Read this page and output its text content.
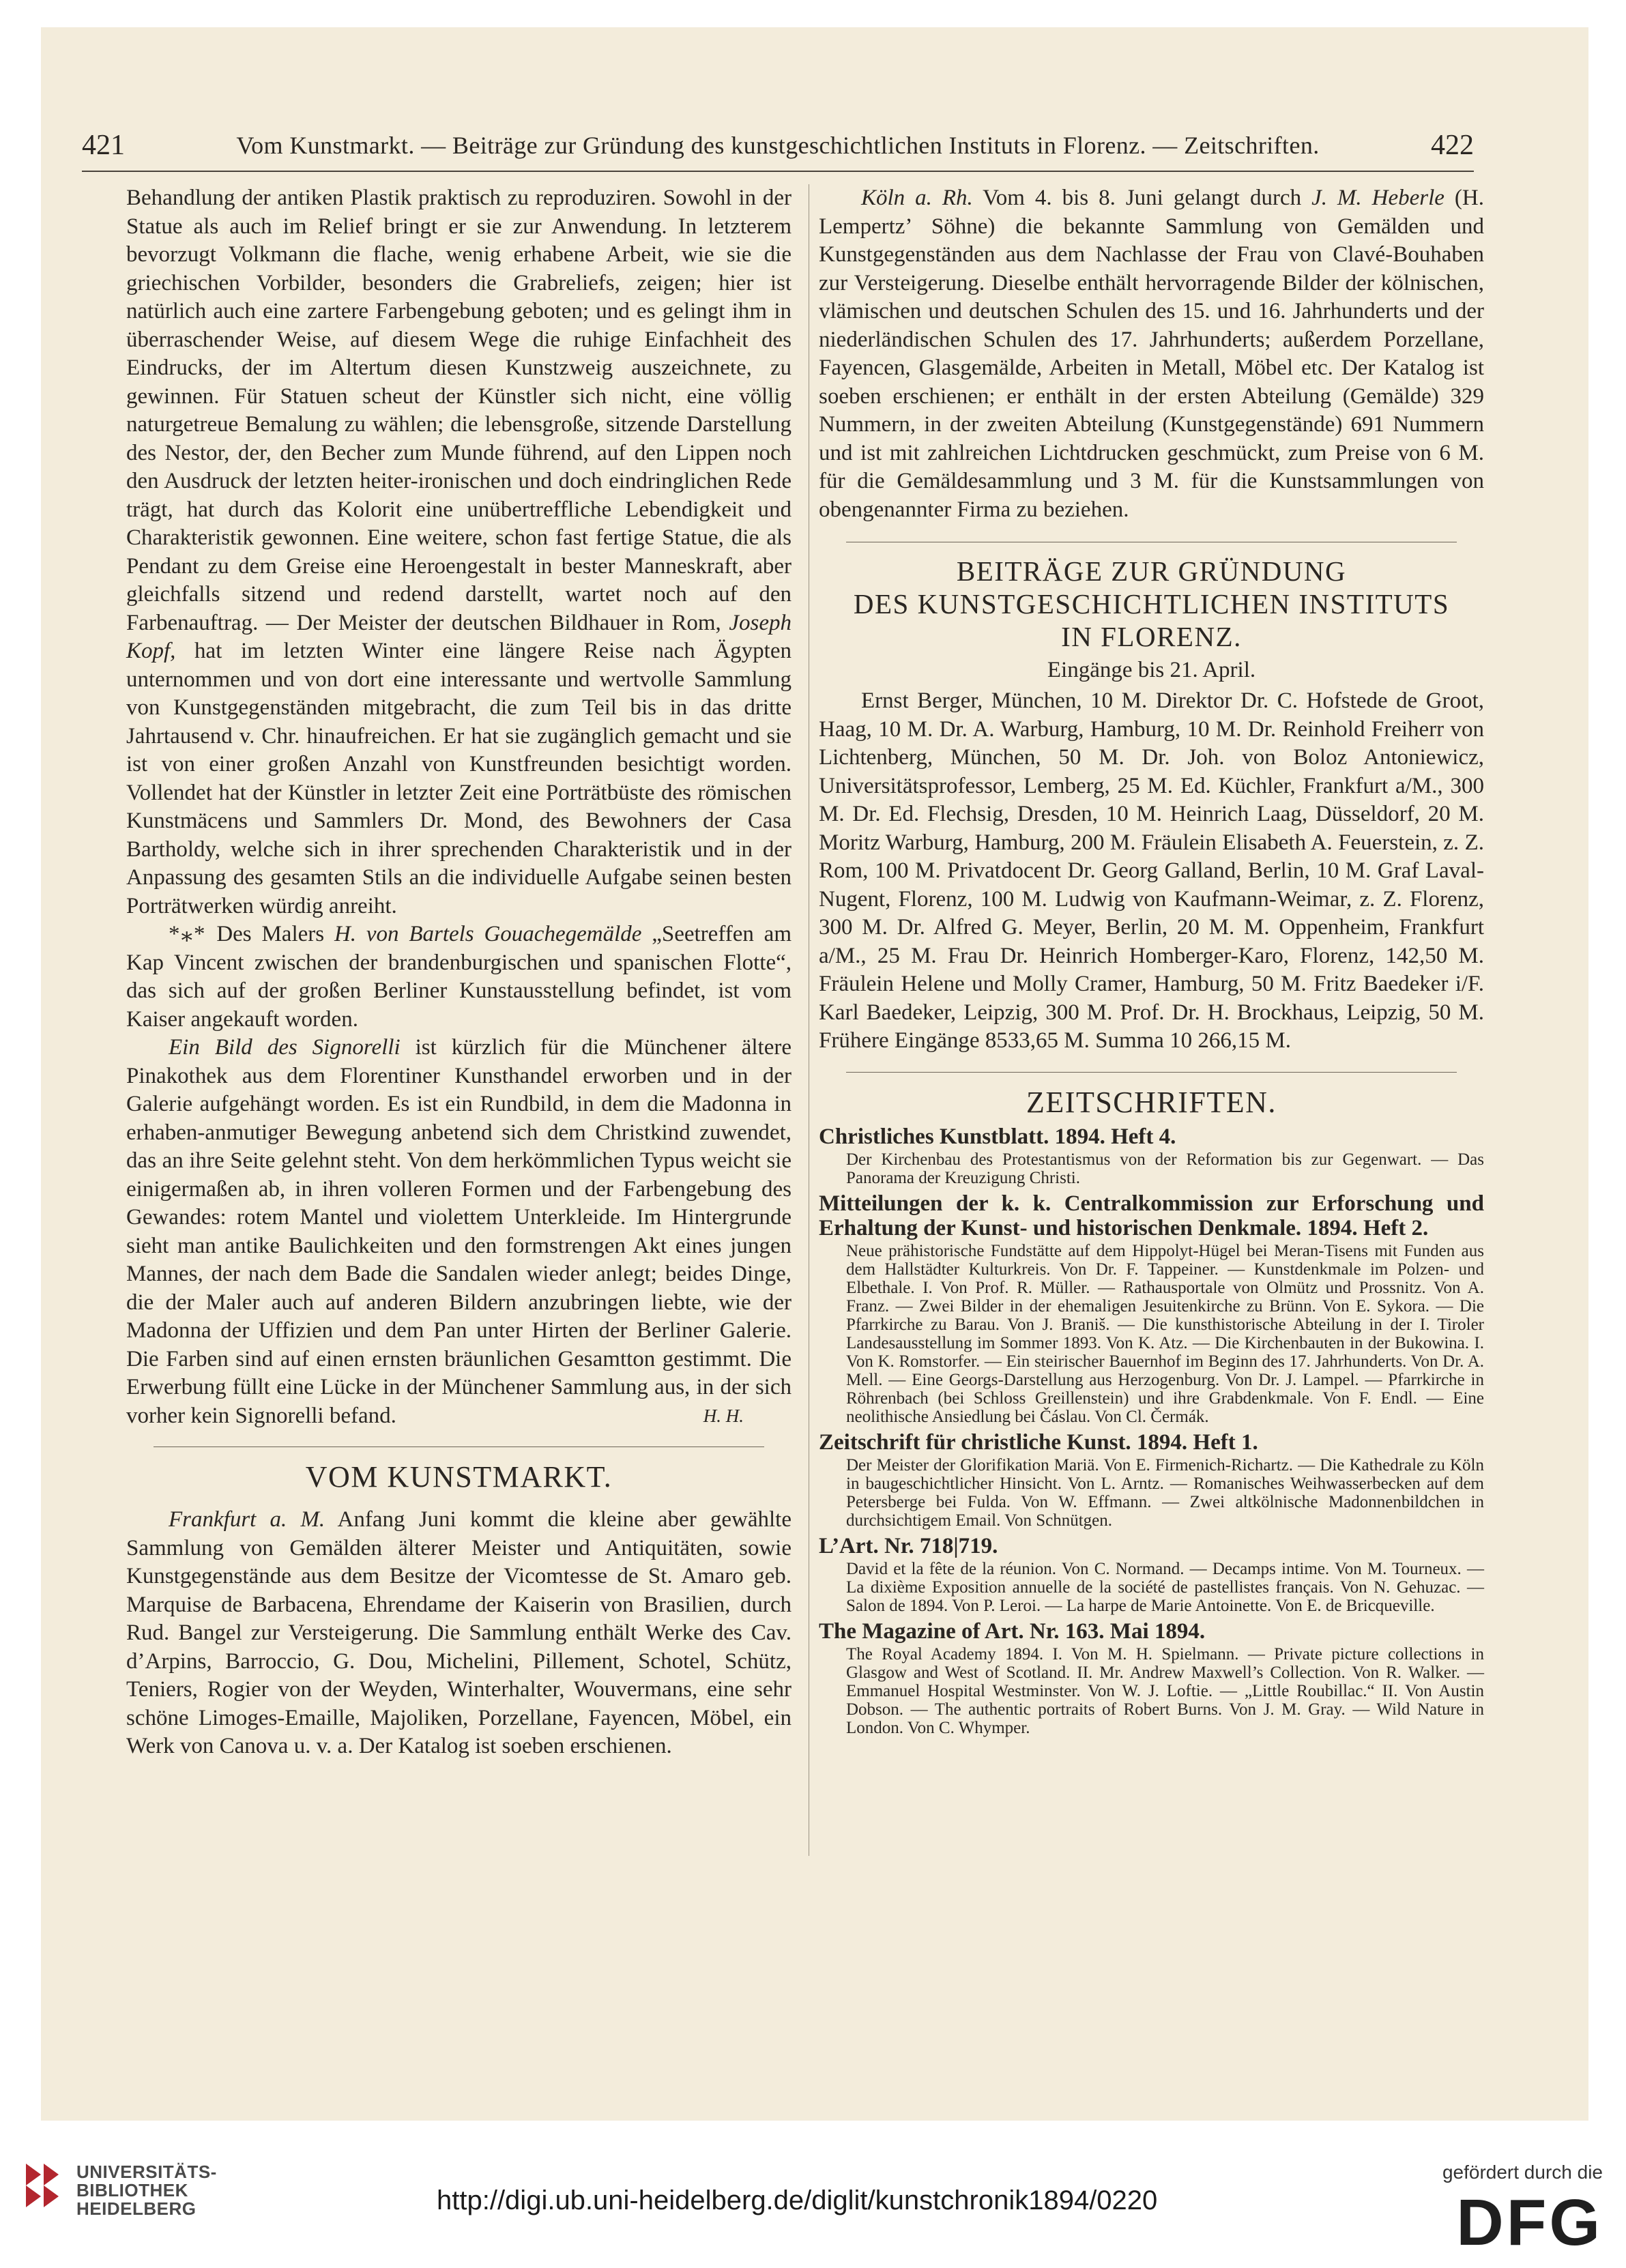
421	Vom Kunstmarkt. — Beiträge zur Gründung des kunstgeschichtlichen Instituts in Florenz. — Zeitschriften.	422

Behandlung der antiken Plastik praktisch zu reproduziren. Sowohl in der Statue als auch im Relief bringt er sie zur Anwendung. In letzterem bevorzugt Volkmann die flache, wenig erhabene Arbeit, wie sie die griechischen Vorbilder, besonders die Grabreliefs, zeigen; hier ist natürlich auch eine zartere Farbengebung geboten; und es gelingt ihm in überraschender Weise, auf diesem Wege die ruhige Einfachheit des Eindrucks, der im Altertum diesen Kunstzweig auszeichnete, zu gewinnen. Für Statuen scheut der Künstler sich nicht, eine völlig naturgetreue Bemalung zu wählen; die lebensgroße, sitzende Darstellung des Nestor, der, den Becher zum Munde führend, auf den Lippen noch den Ausdruck der letzten heiter-ironischen und doch eindringlichen Rede trägt, hat durch das Kolorit eine unübertreffliche Lebendigkeit und Charakteristik gewonnen. Eine weitere, schon fast fertige Statue, die als Pendant zu dem Greise eine Heroengestalt in bester Manneskraft, aber gleichfalls sitzend und redend darstellt, wartet noch auf den Farbenauftrag. — Der Meister der deutschen Bildhauer in Rom, Joseph Kopf, hat im letzten Winter eine längere Reise nach Ägypten unternommen und von dort eine interessante und wertvolle Sammlung von Kunstgegenständen mitgebracht, die zum Teil bis in das dritte Jahrtausend v. Chr. hinaufreichen. Er hat sie zugänglich gemacht und sie ist von einer großen Anzahl von Kunstfreunden besichtigt worden. Vollendet hat der Künstler in letzter Zeit eine Porträtbüste des römischen Kunstmäcens und Sammlers Dr. Mond, des Bewohners der Casa Bartholdy, welche sich in ihrer sprechenden Charakteristik und in der Anpassung des gesamten Stils an die individuelle Aufgabe seinen besten Porträtwerken würdig anreiht.

*⁎* Des Malers H. von Bartels Gouachegemälde „Seetreffen am Kap Vincent zwischen der brandenburgischen und spanischen Flotte“, das sich auf der großen Berliner Kunstausstellung befindet, ist vom Kaiser angekauft worden.

Ein Bild des Signorelli ist kürzlich für die Münchener ältere Pinakothek aus dem Florentiner Kunsthandel erworben und in der Galerie aufgehängt worden. Es ist ein Rundbild, in dem die Madonna in erhaben-anmutiger Bewegung anbetend sich dem Christkind zuwendet, das an ihre Seite gelehnt steht. Von dem herkömmlichen Typus weicht sie einigermaßen ab, in ihren volleren Formen und der Farbengebung des Gewandes: rotem Mantel und violettem Unterkleide. Im Hintergrunde sieht man antike Baulichkeiten und den formstrengen Akt eines jungen Mannes, der nach dem Bade die Sandalen wieder anlegt; beides Dinge, die der Maler auch auf anderen Bildern anzubringen liebte, wie der Madonna der Uffizien und dem Pan unter Hirten der Berliner Galerie. Die Farben sind auf einen ernsten bräunlichen Gesamtton gestimmt. Die Erwerbung füllt eine Lücke in der Münchener Sammlung aus, in der sich vorher kein Signorelli befand.	H. H.

VOM KUNSTMARKT.

Frankfurt a. M. Anfang Juni kommt die kleine aber gewählte Sammlung von Gemälden älterer Meister und Antiquitäten, sowie Kunstgegenstände aus dem Besitze der Vicomtesse de St. Amaro geb. Marquise de Barbacena, Ehrendame der Kaiserin von Brasilien, durch Rud. Bangel zur Versteigerung. Die Sammlung enthält Werke des Cav. d’Arpins, Barroccio, G. Dou, Michelini, Pillement, Schotel, Schütz, Teniers, Rogier von der Weyden, Winterhalter, Wouvermans, eine sehr schöne Limoges-Emaille, Majoliken, Porzellane, Fayencen, Möbel, ein Werk von Canova u. v. a. Der Katalog ist soeben erschienen.

Köln a. Rh. Vom 4. bis 8. Juni gelangt durch J. M. Heberle (H. Lempertz’ Söhne) die bekannte Sammlung von Gemälden und Kunstgegenständen aus dem Nachlasse der Frau von Clavé-Bouhaben zur Versteigerung. Dieselbe enthält hervorragende Bilder der kölnischen, vlämischen und deutschen Schulen des 15. und 16. Jahrhunderts und der niederländischen Schulen des 17. Jahrhunderts; außerdem Porzellane, Fayencen, Glasgemälde, Arbeiten in Metall, Möbel etc. Der Katalog ist soeben erschienen; er enthält in der ersten Abteilung (Gemälde) 329 Nummern, in der zweiten Abteilung (Kunstgegenstände) 691 Nummern und ist mit zahlreichen Lichtdrucken geschmückt, zum Preise von 6 M. für die Gemäldesammlung und 3 M. für die Kunstsammlungen von obengenannter Firma zu beziehen.

BEITRÄGE ZUR GRÜNDUNG

DES KUNSTGESCHICHTLICHEN INSTITUTS

IN FLORENZ.

Eingänge bis 21. April.

Ernst Berger, München, 10 M. Direktor Dr. C. Hofstede de Groot, Haag, 10 M. Dr. A. Warburg, Hamburg, 10 M. Dr. Reinhold Freiherr von Lichtenberg, München, 50 M. Dr. Joh. von Boloz Antoniewicz, Universitätsprofessor, Lemberg, 25 M. Ed. Küchler, Frankfurt a/M., 300 M. Dr. Ed. Flechsig, Dresden, 10 M. Heinrich Laag, Düsseldorf, 20 M. Moritz Warburg, Hamburg, 200 M. Fräulein Elisabeth A. Feuerstein, z. Z. Rom, 100 M. Privatdocent Dr. Georg Galland, Berlin, 10 M. Graf Laval-Nugent, Florenz, 100 M. Ludwig von Kaufmann-Weimar, z. Z. Florenz, 300 M. Dr. Alfred G. Meyer, Berlin, 20 M. M. Oppenheim, Frankfurt a/M., 25 M. Frau Dr. Heinrich Homberger-Karo, Florenz, 142,50 M. Fräulein Helene und Molly Cramer, Hamburg, 50 M. Fritz Baedeker i/F. Karl Baedeker, Leipzig, 300 M. Prof. Dr. H. Brockhaus, Leipzig, 50 M. Frühere Eingänge 8533,65 M. Summa 10 266,15 M.

ZEITSCHRIFTEN.

Christliches Kunstblatt. 1894. Heft 4.

Der Kirchenbau des Protestantismus von der Reformation bis zur Gegenwart. — Das Panorama der Kreuzigung Christi.

Mitteilungen der k. k. Centralkommission zur Erforschung und Erhaltung der Kunst- und historischen Denkmale. 1894. Heft 2.

Neue prähistorische Fundstätte auf dem Hippolyt-Hügel bei Meran-Tisens mit Funden aus dem Hallstädter Kulturkreis. Von Dr. F. Tappeiner. — Kunstdenkmale im Polzen- und Elbethale. I. Von Prof. R. Müller. — Rathausportale von Olmütz und Prossnitz. Von A. Franz. — Zwei Bilder in der ehemaligen Jesuitenkirche zu Brünn. Von E. Sykora. — Die Pfarrkirche zu Barau. Von J. Braniš. — Die kunsthistorische Abteilung in der I. Tiroler Landesausstellung im Sommer 1893. Von K. Atz. — Die Kirchenbauten in der Bukowina. I. Von K. Romstorfer. — Ein steirischer Bauernhof im Beginn des 17. Jahrhunderts. Von Dr. A. Mell. — Eine Georgs-Darstellung aus Herzogenburg. Von Dr. J. Lampel. — Pfarrkirche in Röhrenbach (bei Schloss Greillenstein) und ihre Grabdenkmale. Von F. Endl. — Eine neolithische Ansiedlung bei Čáslau. Von Cl. Čermák.

Zeitschrift für christliche Kunst. 1894. Heft 1.

Der Meister der Glorifikation Mariä. Von E. Firmenich-Richartz. — Die Kathedrale zu Köln in baugeschichtlicher Hinsicht. Von L. Arntz. — Romanisches Weihwasserbecken auf dem Petersberge bei Fulda. Von W. Effmann. — Zwei altkölnische Madonnenbildchen in durchsichtigem Email. Von Schnütgen.

L’Art. Nr. 718|719.

David et la fête de la réunion. Von C. Normand. — Decamps intime. Von M. Tourneux. — La dixième Exposition annuelle de la société de pastellistes français. Von N. Gehuzac. — Salon de 1894. Von P. Leroi. — La harpe de Marie Antoinette. Von E. de Bricqueville.

The Magazine of Art. Nr. 163. Mai 1894.

The Royal Academy 1894. I. Von M. H. Spielmann. — Private picture collections in Glasgow and West of Scotland. II. Mr. Andrew Maxwell’s Collection. Von R. Walker. — Emmanuel Hospital Westminster. Von W. J. Loftie. — „Little Roubillac.“ II. Von Austin Dobson. — The authentic portraits of Robert Burns. Von J. M. Gray. — Wild Nature in London. Von C. Whymper.

UNIVERSITÄTS-
BIBLIOTHEK
HEIDELBERG	http://digi.ub.uni-heidelberg.de/diglit/kunstchronik1894/0220
gefördert durch die
DFG
